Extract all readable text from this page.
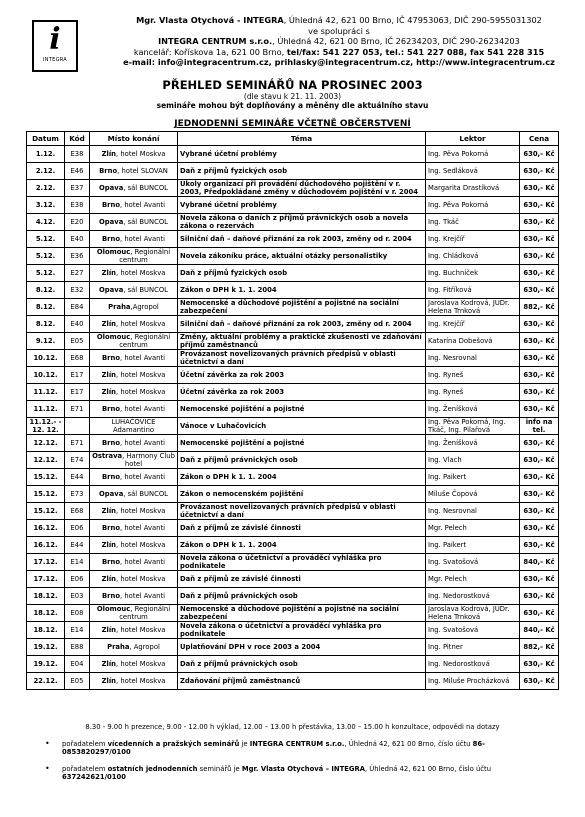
i
INTEGRA
Mgr. Vlasta Otychová - INTEGRA, Úhledná 42, 621 00 Brno, IČ 47953063, DIČ 290-5955031302
ve spolupráci s
INTEGRA CENTRUM s.r.o., Úhledná 42, 621 00 Brno, IČ 26234203, DIČ 290-26234203
kancelář: Kořískova 1a, 621 00 Brno, tel/fax: 541 227 053, tel.: 541 227 088, fax 541 228 315
e-mail: info@integracentrum.cz, prihlasky@integracentrum.cz, http://www.integracentrum.cz
PŘEHLED SEMINÁŘŮ NA PROSINEC 2003
(dle stavu k 21. 11. 2003)
semináře mohou být doplňovány a měněny dle aktuálního stavu
JEDNODENNÍ SEMINÁŘE VČETNĚ OBČERSTVENÍ
Datum	Kód	Místo konání	Téma	Lektor	Cena
1.12.	E38	Zlín, hotel Moskva	Vybrané účetní problémy	Ing. Pěva Pokorná	630,- Kč
2.12.	E46	Brno, hotel SLOVAN	Daň z příjmů fyzických osob	Ing. Sedláková	630,- Kč
2.12.	E37	Opava, sál BUNCOL	Úkoly organizací při provádění důchodového pojištění v r. 2003, Předpokládané změny v důchodovém pojištění v r. 2004	Margarita Drastíková	630,- Kč
3.12.	E38	Brno, hotel Avanti	Vybrané účetní problémy	Ing. Pěva Pokorná	630,- Kč
4.12.	E20	Opava, sál BUNCOL	Novela zákona o daních z příjmů právnických osob a novela zákona o rezervách	Ing. Tkáč	630,- Kč
5.12.	E40	Brno, hotel Avanti	Silniční daň – daňové přiznání za rok 2003, změny od r. 2004	Ing. Krejčíř	630,- Kč
5.12.	E36	Olomouc, Regionální centrum	Novela zákoníku práce, aktuální otázky personalistiky	Ing. Chládková	630,- Kč
5.12.	E27	Zlín, hotel Moskva	Daň z příjmů fyzických osob	Ing. Buchníček	630,- Kč
8.12.	E32	Opava, sál BUNCOL	Zákon o DPH k 1. 1. 2004	Ing. Fitříková	630,- Kč
8.12.	E84	Praha,Agropol	Nemocenské a důchodové pojištění a pojistné na sociální zabezpečení	Jaroslava Kodrová, JUDr. Helena Trnková	882,- Kč
8.12.	E40	Zlín, hotel Moskva	Silniční daň – daňové přiznání za rok 2003, změny od r. 2004	Ing. Krejčíř	630,- Kč
9.12.	E05	Olomouc, Regionální centrum	Změny, aktuální problémy a praktické zkušenosti ve zdaňování příjmů zaměstnanců	Katarína Dobešová	630,- Kč
10.12.	E68	Brno, hotel Avanti	Provázanost novelizovaných právních předpisů v oblasti účetnictví a daní	Ing. Nesrovnal	630,- Kč
10.12.	E17	Zlín, hotel Moskva	Účetní závěrka za rok 2003	Ing. Ryneš	630,- Kč
11.12.	E17	Zlín, hotel Moskva	Účetní závěrka za rok 2003	Ing. Ryneš	630,- Kč
11.12.	E71	Brno, hotel Avanti	Nemocenské pojištění a pojistné	Ing. Ženíšková	630,- Kč
11.12.- - 12. 12.		LUHAČOVICE Adamantino	Vánoce v Luhačovicích	Ing. Pěva Pokorná, Ing. Tkáč, Ing. Pilařová	info na tel.
12.12.	E71	Brno, hotel Avanti	Nemocenské pojištění a pojistné	Ing. Ženíšková	630,- Kč
12.12.	E74	Ostrava, Harmony Club hotel	Daň z příjmů právnických osob	Ing. Vlach	630,- Kč
15.12.	E44	Brno, hotel Avanti	Zákon o DPH k 1. 1. 2004	Ing. Paikert	630,- Kč
15.12.	E73	Opava, sál BUNCOL	Zákon o nemocenském pojištění	Miluše Čopová	630,- Kč
15.12.	E68	Zlín, hotel Moskva	Provázanost novelizovaných právních předpisů v oblasti účetnictví a daní	Ing. Nesrovnal	630,- Kč
16.12.	E06	Brno, hotel Avanti	Daň z příjmů ze závislé činnosti	Mgr. Pelech	630,- Kč
16.12.	E44	Zlín, hotel Moskva	Zákon o DPH k 1. 1. 2004	Ing. Paikert	630,- Kč
17.12.	E14	Brno, hotel Avanti	Novela zákona o účetnictví a prováděcí vyhláška pro podnikatele	Ing. Svatošová	840,- Kč
17.12.	E06	Zlín, hotel Moskva	Daň z příjmů ze závislé činnosti	Mgr. Pelech	630,- Kč
18.12.	E03	Brno, hotel Avanti	Daň z příjmů právnických osob	Ing. Nedorostková	630,- Kč
18.12.	E08	Olomouc, Regionální centrum	Nemocenské a důchodové pojištění a pojistné na sociální zabezpečení	Jaroslava Kodrová, JUDr. Helena Trnková	630,- Kč
18.12.	E14	Zlín, hotel Moskva	Novela zákona o účetnictví a prováděcí vyhláška pro podnikatele	Ing. Svatošová	840,- Kč
19.12.	E88	Praha, Agropol	Uplatňování DPH v roce 2003 a 2004	Ing. Pitner	882,- Kč
19.12.	E04	Zlín, hotel Moskva	Daň z příjmů právnických osob	Ing. Nedorostková	630,- Kč
22.12.	E05	Zlín, hotel Moskva	Zdaňování příjmů zaměstnanců	Ing. Miluše Procházková	630,- Kč
8.30 - 9.00 h prezence, 9.00 - 12.00 h výklad, 12.00 – 13.00 h přestávka, 13.00 – 15.00 h konzultace, odpovědi na dotazy
• pořadatelem vícedenních a pražských seminářů je INTEGRA CENTRUM s.r.o., Úhledná 42, 621 00 Brno, číslo účtu 86-0853820297/0100
• pořadatelem ostatních jednodenních seminářů je Mgr. Vlasta Otychová – INTEGRA, Úhledná 42, 621 00 Brno, číslo účtu 637242621/0100
